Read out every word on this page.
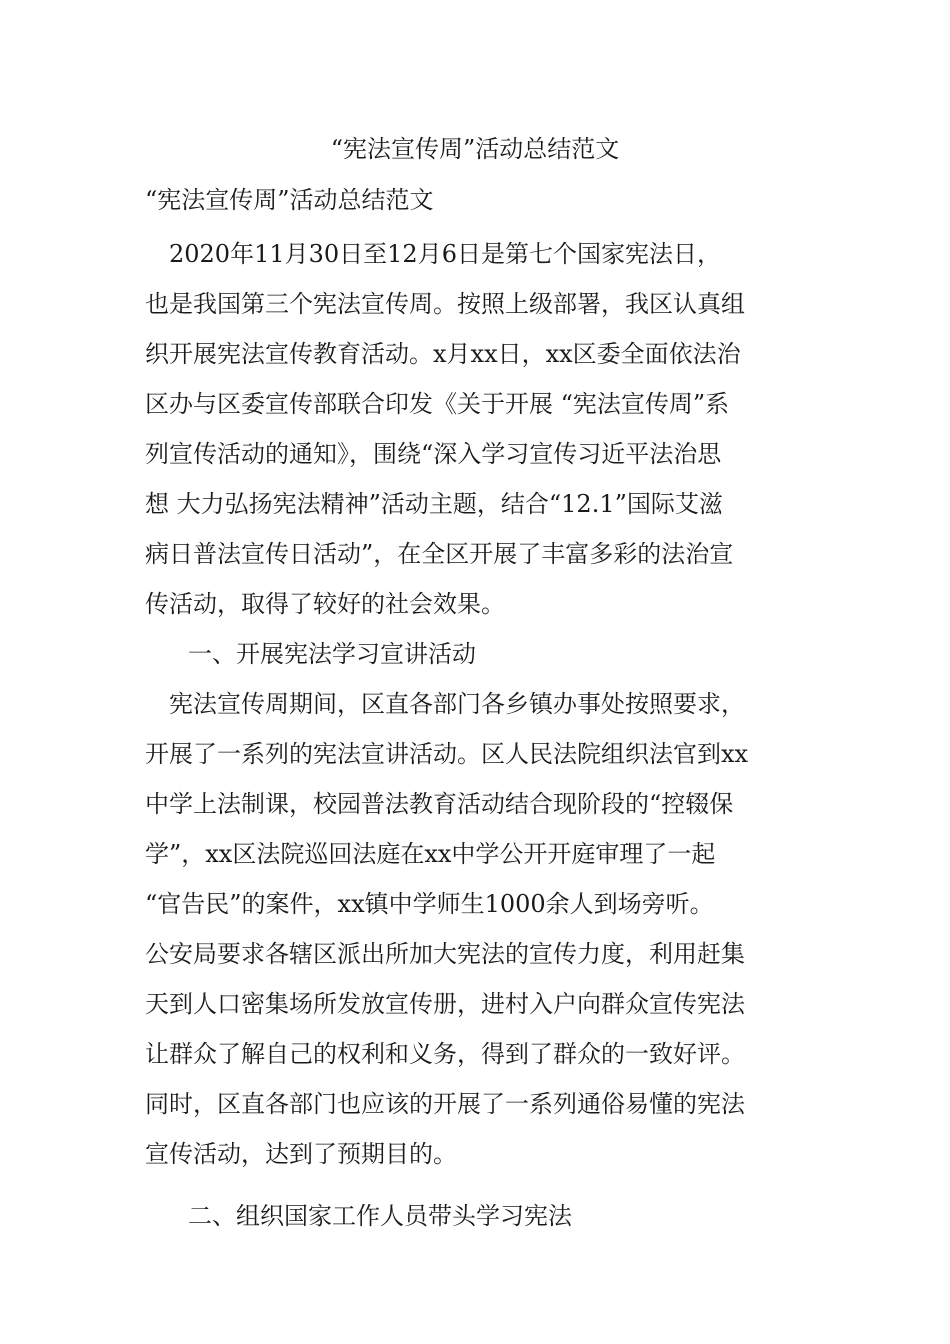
“宪法宣传周”活动总结范文
“宪法宣传周”活动总结范文
　2020年11月30日至12月6日是第七个国家宪法日，
也是我国第三个宪法宣传周。按照上级部署，我区认真组
织开展宪法宣传教育活动。x月xx日，xx区委全面依法治
区办与区委宣传部联合印发《关于开展 “宪法宣传周”系
列宣传活动的通知》，围绕“深入学习宣传习近平法治思
想 大力弘扬宪法精神”活动主题，结合“12.1”国际艾滋
病日普法宣传日活动”，在全区开展了丰富多彩的法治宣
传活动，取得了较好的社会效果。
一、开展宪法学习宣讲活动
　宪法宣传周期间，区直各部门各乡镇办事处按照要求，
开展了一系列的宪法宣讲活动。区人民法院组织法官到xx
中学上法制课，校园普法教育活动结合现阶段的“控辍保
学”，xx区法院巡回法庭在xx中学公开开庭审理了一起
“官告民”的案件，xx镇中学师生1000余人到场旁听。
公安局要求各辖区派出所加大宪法的宣传力度，利用赶集
天到人口密集场所发放宣传册，进村入户向群众宣传宪法
让群众了解自己的权利和义务，得到了群众的一致好评。
同时，区直各部门也应该的开展了一系列通俗易懂的宪法
宣传活动，达到了预期目的。
二、组织国家工作人员带头学习宪法
